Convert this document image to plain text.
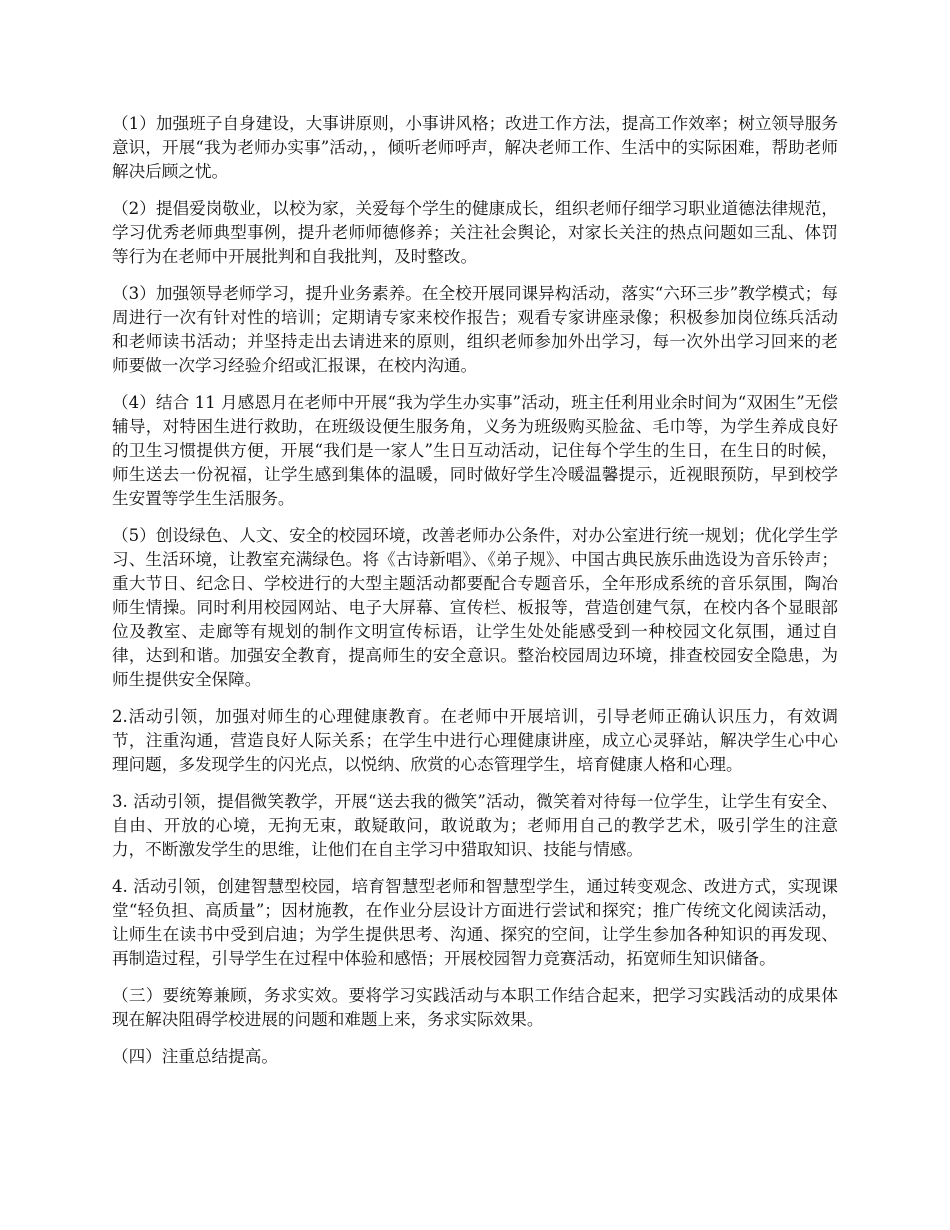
（1）加强班子自身建设，大事讲原则，小事讲风格；改进工作方法，提高工作效率；树立领导服务意识，开展“我为老师办实事”活动，，倾听老师呼声，解决老师工作、生活中的实际困难，帮助老师解决后顾之忧。

（2）提倡爱岗敬业，以校为家，关爱每个学生的健康成长，组织老师仔细学习职业道德法律规范，学习优秀老师典型事例，提升老师师德修养；关注社会舆论，对家长关注的热点问题如三乱、体罚等行为在老师中开展批判和自我批判，及时整改。

（3）加强领导老师学习，提升业务素养。在全校开展同课异构活动，落实“六环三步”教学模式；每周进行一次有针对性的培训；定期请专家来校作报告；观看专家讲座录像；积极参加岗位练兵活动和老师读书活动；并坚持走出去请进来的原则，组织老师参加外出学习，每一次外出学习回来的老师要做一次学习经验介绍或汇报课，在校内沟通。

（4）结合 11 月感恩月在老师中开展“我为学生办实事”活动，班主任利用业余时间为“双困生”无偿辅导，对特困生进行救助，在班级设便生服务角，义务为班级购买脸盆、毛巾等，为学生养成良好的卫生习惯提供方便，开展“我们是一家人”生日互动活动，记住每个学生的生日，在生日的时候，师生送去一份祝福，让学生感到集体的温暖，同时做好学生冷暖温馨提示，近视眼预防，早到校学生安置等学生生活服务。

（5）创设绿色、人文、安全的校园环境，改善老师办公条件，对办公室进行统一规划；优化学生学习、生活环境，让教室充满绿色。将《古诗新唱》、《弟子规》、中国古典民族乐曲选设为音乐铃声；重大节日、纪念日、学校进行的大型主题活动都要配合专题音乐，全年形成系统的音乐氛围，陶冶师生情操。同时利用校园网站、电子大屏幕、宣传栏、板报等，营造创建气氛，在校内各个显眼部位及教室、走廊等有规划的制作文明宣传标语，让学生处处能感受到一种校园文化氛围，通过自律，达到和谐。加强安全教育，提高师生的安全意识。整治校园周边环境，排查校园安全隐患，为师生提供安全保障。

2.活动引领，加强对师生的心理健康教育。在老师中开展培训，引导老师正确认识压力，有效调节，注重沟通，营造良好人际关系；在学生中进行心理健康讲座，成立心灵驿站，解决学生心中心理问题，多发现学生的闪光点，以悦纳、欣赏的心态管理学生，培育健康人格和心理。

3. 活动引领，提倡微笑教学，开展“送去我的微笑”活动，微笑着对待每一位学生，让学生有安全、自由、开放的心境，无拘无束，敢疑敢问，敢说敢为；老师用自己的教学艺术，吸引学生的注意力，不断激发学生的思维，让他们在自主学习中猎取知识、技能与情感。

4. 活动引领，创建智慧型校园，培育智慧型老师和智慧型学生，通过转变观念、改进方式，实现课堂“轻负担、高质量”；因材施教，在作业分层设计方面进行尝试和探究；推广传统文化阅读活动，让师生在读书中受到启迪；为学生提供思考、沟通、探究的空间，让学生参加各种知识的再发现、再制造过程，引导学生在过程中体验和感悟；开展校园智力竞赛活动，拓宽师生知识储备。

（三）要统筹兼顾，务求实效。要将学习实践活动与本职工作结合起来，把学习实践活动的成果体现在解决阻碍学校进展的问题和难题上来，务求实际效果。

（四）注重总结提高。
